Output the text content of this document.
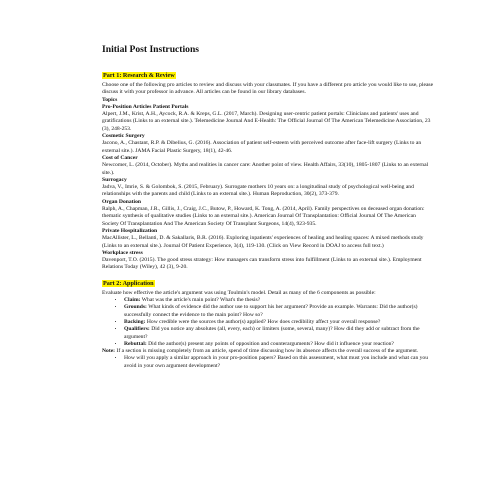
Initial Post Instructions
Part 1: Research & Review

Choose one of the following pro articles to review and discuss with your classmates. If you have a different pro article you would like to use, please discuss it with your professor in advance. All articles can be found in our library databases.

Topics
Pro-Position Articles Patient Portals
Alpert, J.M., Krist, A.H., Aycock, R.A. & Kreps, G.L. (2017, March). Designing user-centric patient portals: Clinicians and patients' uses and gratifications (Links to an external site.). Telemedicine Journal And E-Health: The Official Journal Of The American Telemedicine Association, 23 (3), 248-253.
Cosmetic Surgery
Jacono, A., Chastant, R.P. & Dibelius, G. (2016). Association of patient self-esteem with perceived outcome after face-lift surgery (Links to an external site.). JAMA Facial Plastic Surgery, 18(1), 42-46.
Cost of Cancer
Newcomer, L. (2014, October). Myths and realities in cancer care: Another point of view. Health Affairs, 33(10), 1805-1807 (Links to an external site.).
Surrogacy
Jadva, V., Imrie, S. & Golombok, S. (2015, February). Surrogate mothers 10 years on: a longitudinal study of psychological well-being and relationships with the parents and child (Links to an external site.). Human Reproduction, 30(2), 373-379.
Organ Donation
Ralph, A., Chapman, J.R., Gillis, J., Craig, J.C., Butow, P., Howard, K. Tong, A. (2014, April). Family perspectives on deceased organ donation: thematic synthesis of qualitative studies (Links to an external site.). American Journal Of Transplantation: Official Journal Of The American Society Of Transplantation And The American Society Of Transplant Surgeons, 14(4), 923-935.
Private Hospitalization
MacAllister, L., Bellanti, D. & Sakallaris, B.R. (2016). Exploring inpatients' experiences of healing and healing spaces: A mixed methods study (Links to an external site.). Journal Of Patient Experience, 3(4), 119-130. (Click on View Record in DOAJ to access full text.)
Workplace stress
Davenport, T.O. (2015). The good stress strategy: How managers can transform stress into fulfillment (Links to an external site.). Employment Relations Today (Wiley), 42 (3), 9-20.
Part 2: Application

Evaluate how effective the article's argument was using Toulmin's model. Detail as many of the 6 components as possible:

• Claim: What was the article's main point? What's the thesis?
• Grounds: What kinds of evidence did the author use to support his her argument? Provide an example. Warrants: Did the author(s) successfully connect the evidence to the main point? How so?
• Backing: How credible were the sources the author(s) applied? How does credibility affect your overall response?
• Qualifiers: Did you notice any absolutes (all, every, each) or limiters (some, several, many)? How did they add or subtract from the argument?
• Rebuttal: Did the author(s) present any points of opposition and counterarguments? How did it influence your reaction?

Note: If a section is missing completely from an article, spend of time discussing how its absence affects the overall success of the argument.

• How will you apply a similar approach in your pro-position papers? Based on this assessment, what must you include and what can you avoid in your own argument development?
